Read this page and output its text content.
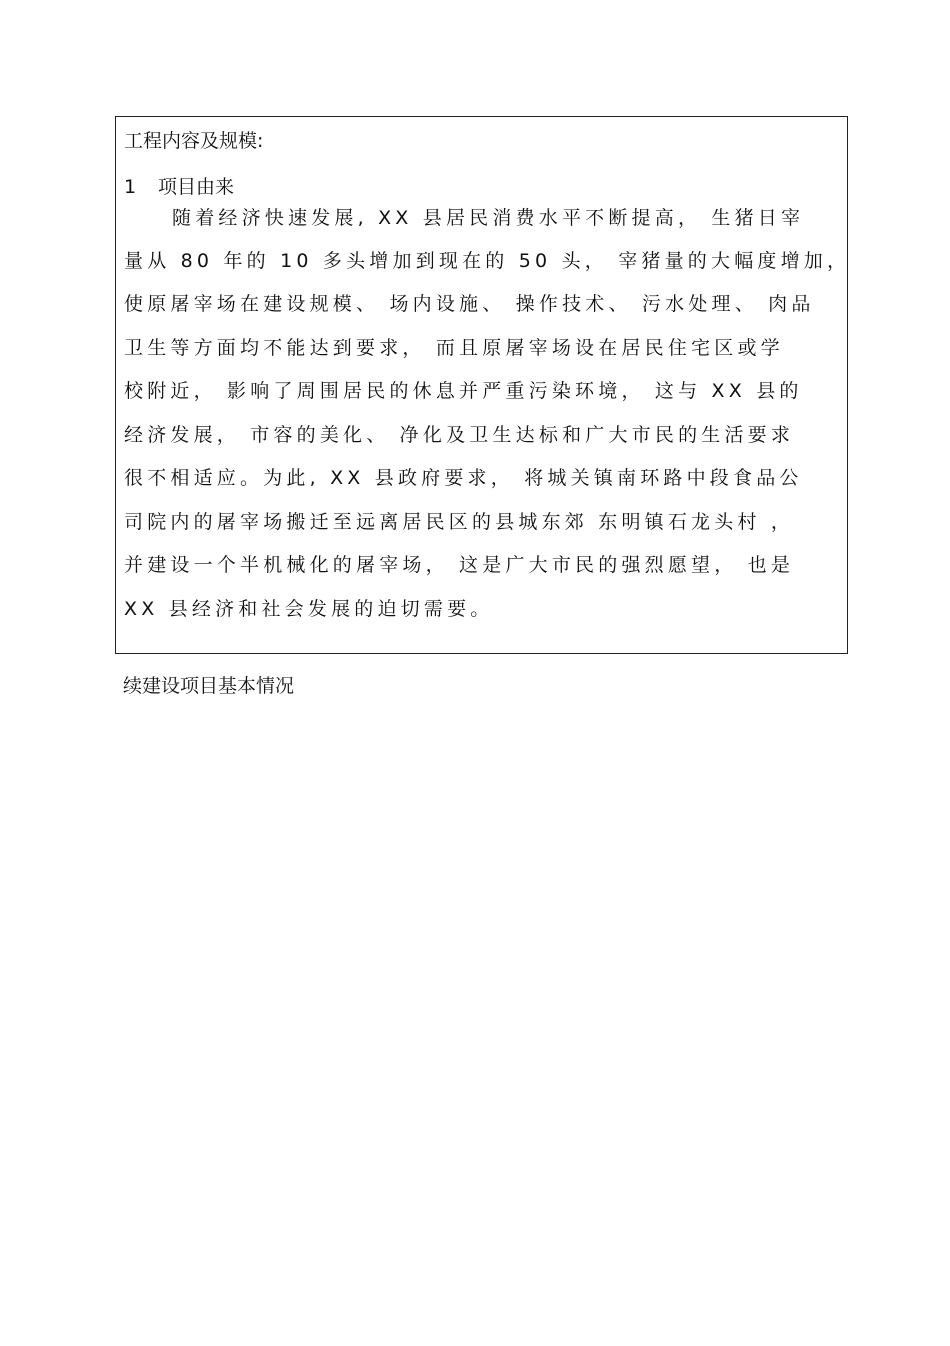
工程内容及规模:
1 项目由来
随着经济快速发展, XX 县居民消费水平不断提高， 生猪日宰
量从 80 年的 10 多头增加到现在的 50 头， 宰猪量的大幅度增加，
使原屠宰场在建设规模、 场内设施、 操作技术、 污水处理、 肉品
卫生等方面均不能达到要求， 而且原屠宰场设在居民住宅区或学
校附近， 影响了周围居民的休息并严重污染环境， 这与 XX 县的
经济发展， 市容的美化、 净化及卫生达标和广大市民的生活要求
很不相适应。为此, XX 县政府要求， 将城关镇南环路中段食品公
司院内的屠宰场搬迁至远离居民区的县城东郊 东明镇石龙头村 ，
并建设一个半机械化的屠宰场， 这是广大市民的强烈愿望， 也是
XX 县经济和社会发展的迫切需要。
续建设项目基本情况
